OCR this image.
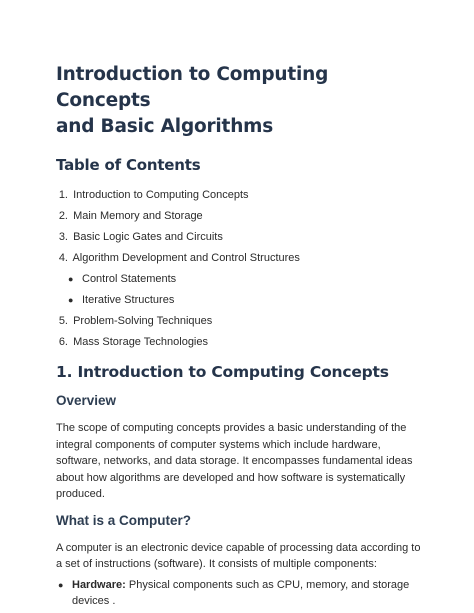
Introduction to Computing Concepts
and Basic Algorithms
Table of Contents
1. Introduction to Computing Concepts
2. Main Memory and Storage
3. Basic Logic Gates and Circuits
4. Algorithm Development and Control Structures
● Control Statements
● Iterative Structures
5. Problem-Solving Techniques
6. Mass Storage Technologies
1. Introduction to Computing Concepts
Overview

The scope of computing concepts provides a basic understanding of the integral components of computer systems which include hardware, software, networks, and data storage. It encompasses fundamental ideas about how algorithms are developed and how software is systematically produced.

What is a Computer?

A computer is an electronic device capable of processing data according to a set of instructions (software). It consists of multiple components:

● Hardware: Physical components such as CPU, memory, and storage devices .
